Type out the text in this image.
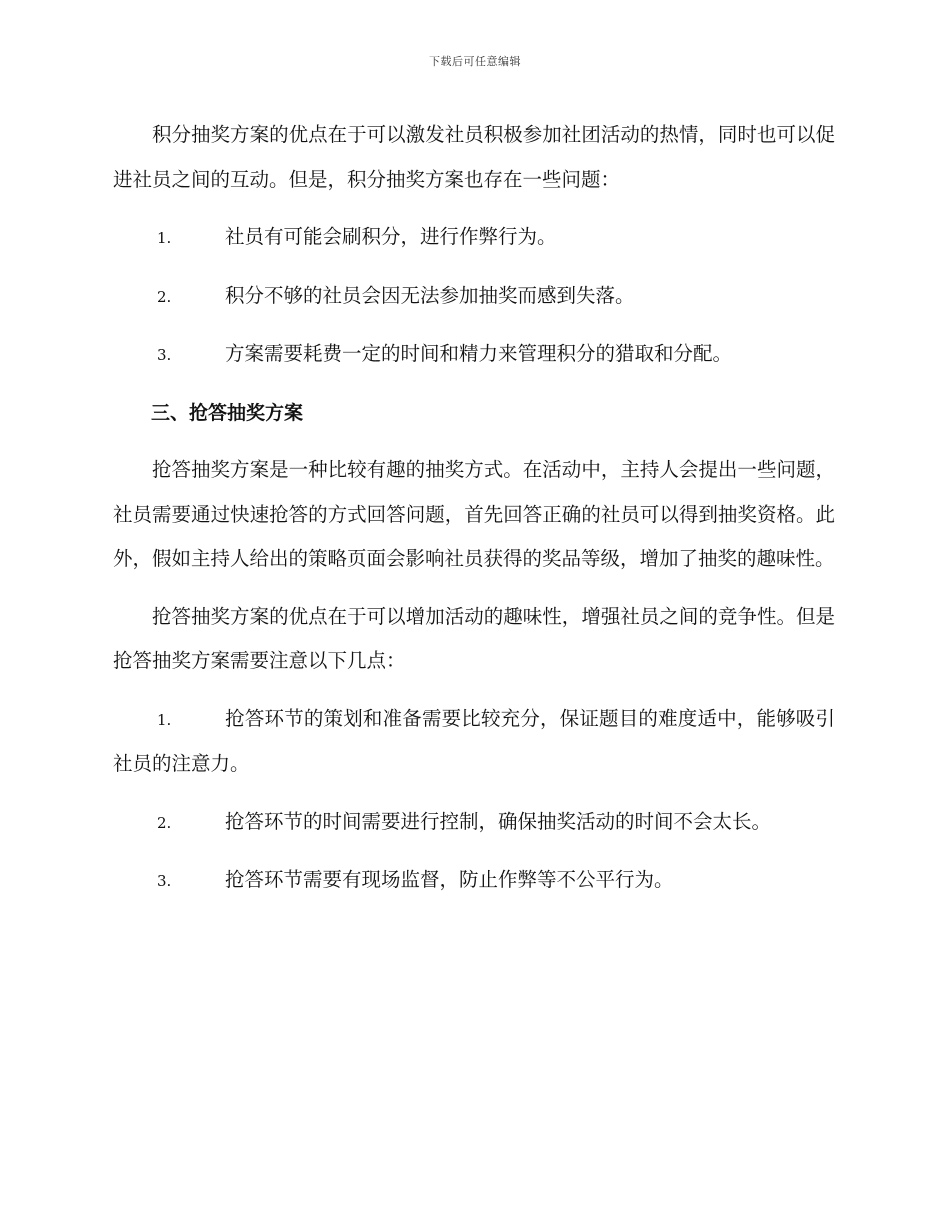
下载后可任意编辑

积分抽奖方案的优点在于可以激发社员积极参加社团活动的热情，同时也可以促进社员之间的互动。但是，积分抽奖方案也存在一些问题：

1.	社员有可能会刷积分，进行作弊行为。

2.	积分不够的社员会因无法参加抽奖而感到失落。

3.	方案需要耗费一定的时间和精力来管理积分的猎取和分配。

三、抢答抽奖方案

抢答抽奖方案是一种比较有趣的抽奖方式。在活动中，主持人会提出一些问题，社员需要通过快速抢答的方式回答问题，首先回答正确的社员可以得到抽奖资格。此外，假如主持人给出的策略页面会影响社员获得的奖品等级，增加了抽奖的趣味性。

抢答抽奖方案的优点在于可以增加活动的趣味性，增强社员之间的竞争性。但是抢答抽奖方案需要注意以下几点：

1.	抢答环节的策划和准备需要比较充分，保证题目的难度适中，能够吸引社员的注意力。

2.	抢答环节的时间需要进行控制，确保抽奖活动的时间不会太长。

3.	抢答环节需要有现场监督，防止作弊等不公平行为。
